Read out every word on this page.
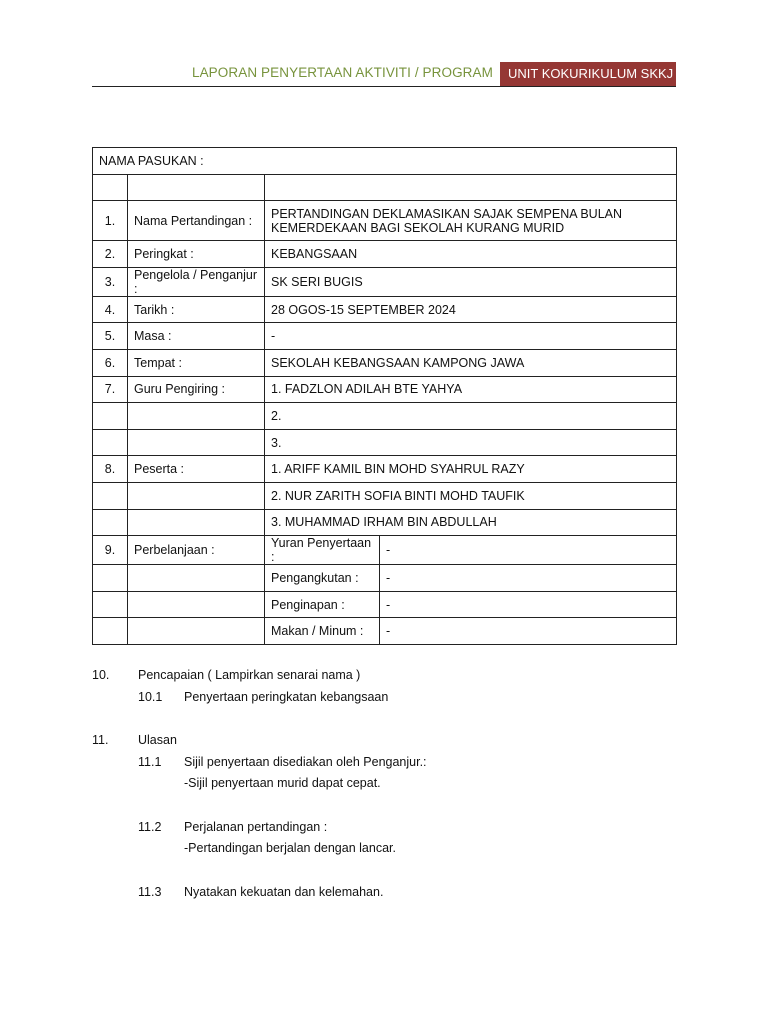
LAPORAN PENYERTAAN AKTIVITI / PROGRAM	UNIT KOKURIKULUM SKKJ
NAMA PASUKAN :			

1.	Nama Pertandingan :	PERTANDINGAN DEKLAMASIKAN SAJAK SEMPENA BULAN KEMERDEKAAN BAGI SEKOLAH KURANG MURID	
2.	Peringkat :	KEBANGSAAN	
3.	Pengelola / Penganjur :	SK SERI BUGIS	
4.	Tarikh :	28 OGOS-15 SEPTEMBER 2024	
5.	Masa :	-	
6.	Tempat :	SEKOLAH KEBANGSAAN KAMPONG JAWA	
7.	Guru Pengiring :	1. FADZLON ADILAH BTE YAHYA	
		2.	
		3.	
8.	Peserta :	1. ARIFF KAMIL BIN MOHD SYAHRUL RAZY	
		2. NUR ZARITH SOFIA BINTI MOHD TAUFIK	
		3. MUHAMMAD IRHAM BIN ABDULLAH	
9.	Perbelanjaan :	Yuran Penyertaan :	-
		Pengangkutan :	-
		Penginapan :	-
		Makan / Minum :	-
10. Pencapaian ( Lampirkan senarai nama )
10.1 Penyertaan peringkatan kebangsaan
11. Ulasan
11.1 Sijil penyertaan disediakan oleh Penganjur.:
-Sijil penyertaan murid dapat cepat.
11.2 Perjalanan pertandingan :
-Pertandingan berjalan dengan lancar.
11.3 Nyatakan kekuatan dan kelemahan.
